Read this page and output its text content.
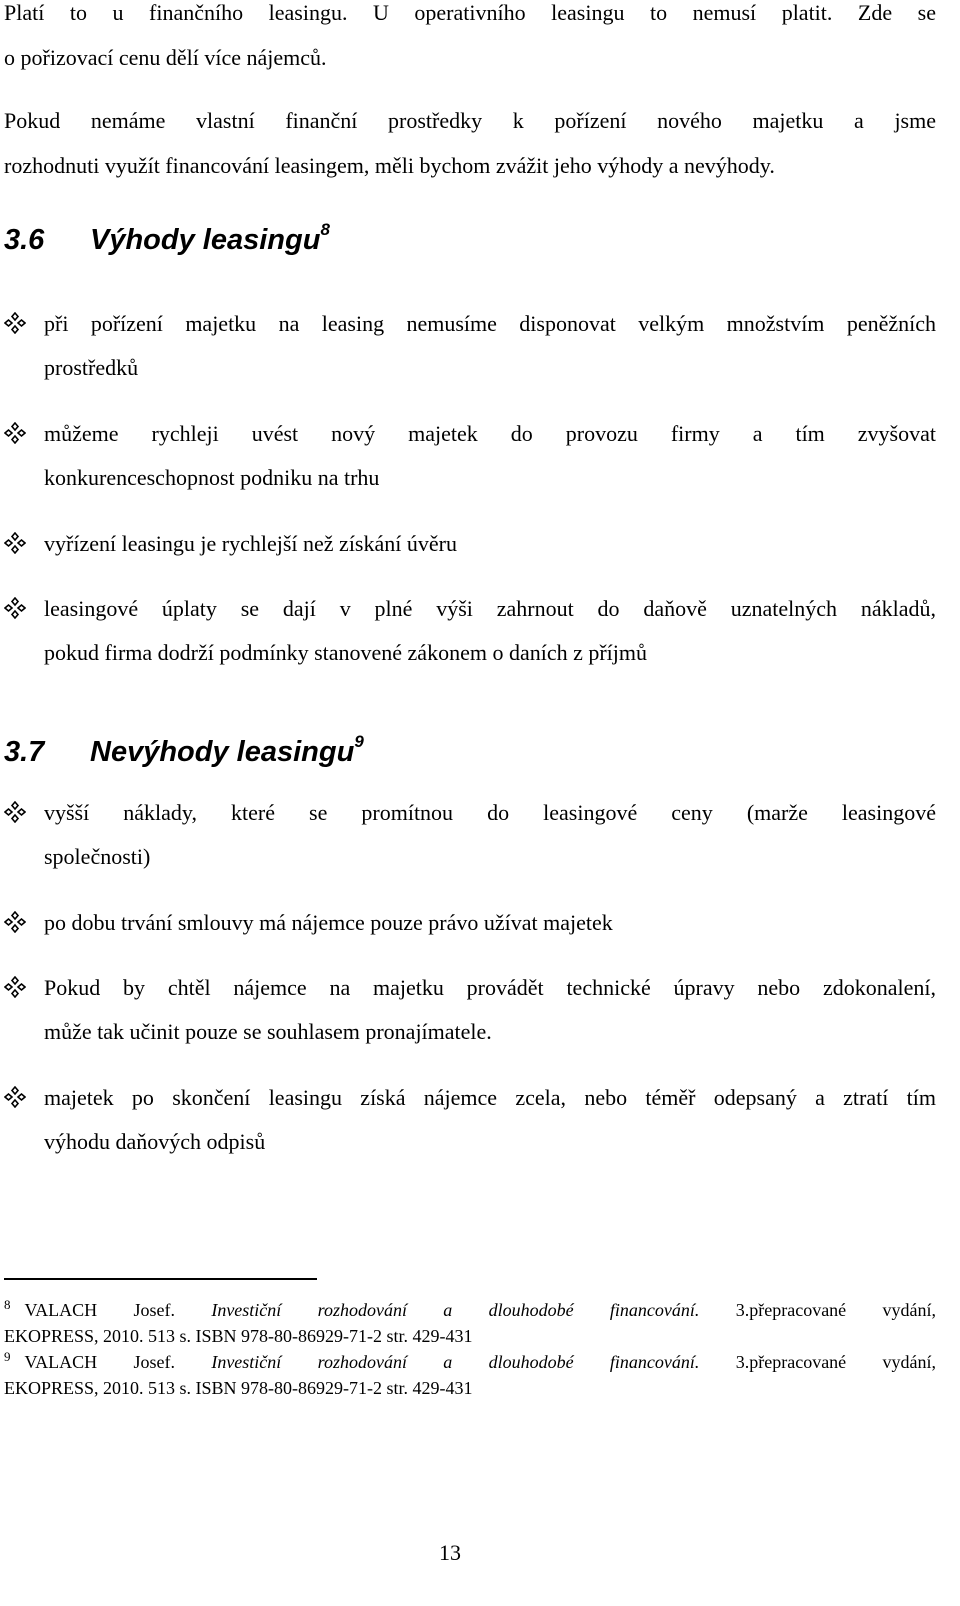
Platí to u finančního leasingu. U operativního leasingu to nemusí platit. Zde se
o pořizovací cenu dělí více nájemců.
Pokud nemáme vlastní finanční prostředky k pořízení nového majetku a jsme
rozhodnuti využít financování leasingem, měli bychom zvážit jeho výhody a nevýhody.
3.6 Výhody leasingu$^8$
při pořízení majetku na leasing nemusíme disponovat velkým množstvím peněžních
prostředků
můžeme rychleji uvést nový majetek do provozu firmy a tím zvyšovat
konkurenceschopnost podniku na trhu
vyřízení leasingu je rychlejší než získání úvěru
leasingové úplaty se dají v plné výši zahrnout do daňově uznatelných nákladů,
pokud firma dodrží podmínky stanovené zákonem o daních z příjmů
3.7 Nevýhody leasingu$^9$
vyšší náklady, které se promítnou do leasingové ceny (marže leasingové
společnosti)
po dobu trvání smlouvy má nájemce pouze právo užívat majetek
Pokud by chtěl nájemce na majetku provádět technické úpravy nebo zdokonalení,
může tak učinit pouze se souhlasem pronajímatele.
majetek po skončení leasingu získá nájemce zcela, nebo téměř odepsaný a ztratí tím
výhodu daňových odpisů
$^8$ VALACH Josef. Investiční rozhodování a dlouhodobé financování. 3.přepracované vydání,
EKOPRESS, 2010. 513 s. ISBN 978-80-86929-71-2 str. 429-431
$^9$ VALACH Josef. Investiční rozhodování a dlouhodobé financování. 3.přepracované vydání,
EKOPRESS, 2010. 513 s. ISBN 978-80-86929-71-2 str. 429-431
13
